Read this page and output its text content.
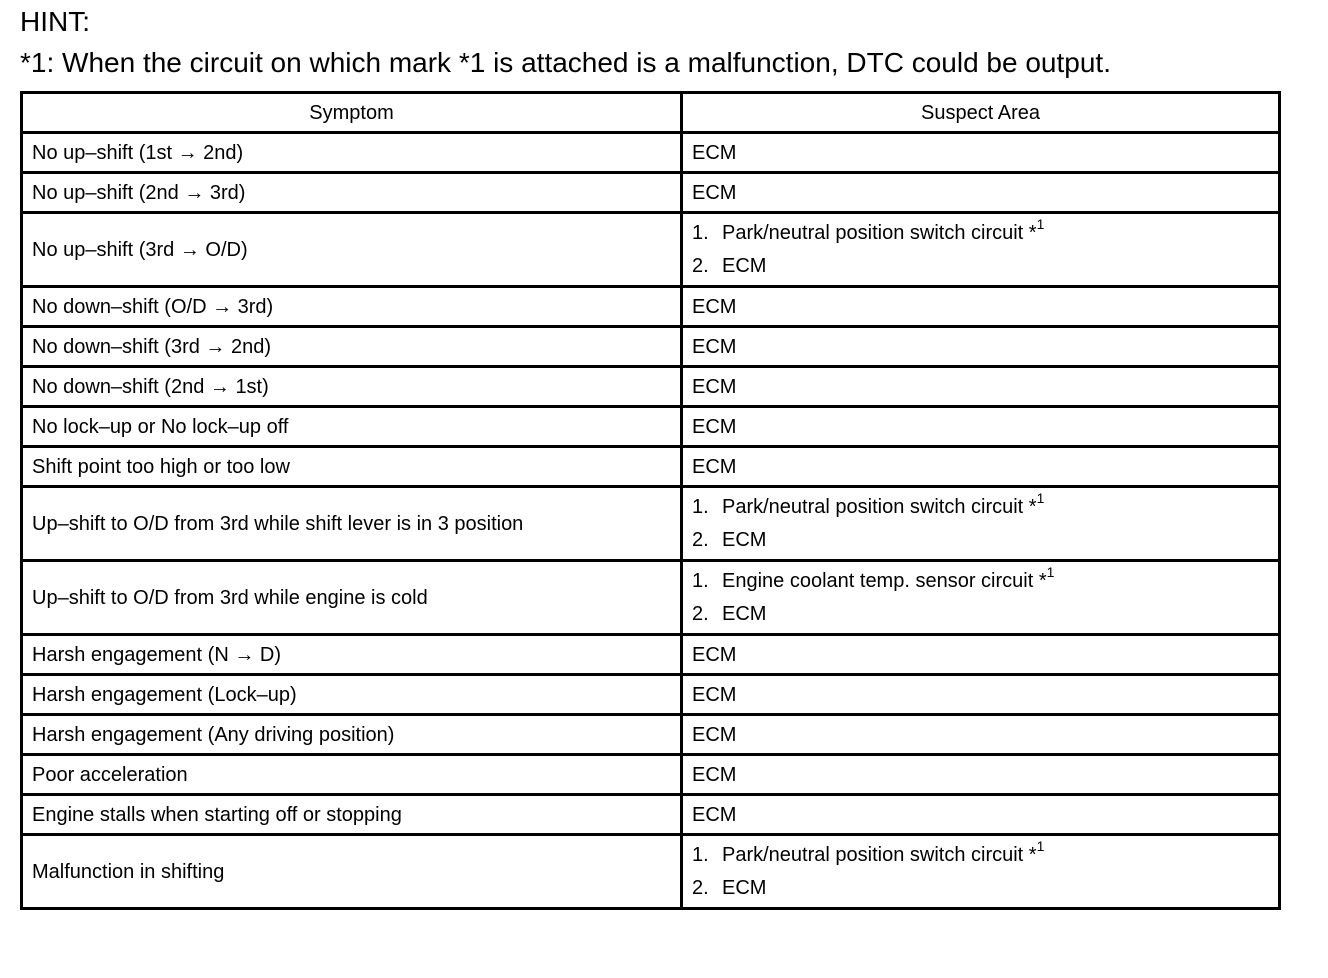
HINT:
*1: When the circuit on which mark *1 is attached is a malfunction, DTC could be output.
Symptom	Suspect Area
No up–shift (1st → 2nd)	ECM
No up–shift (2nd → 3rd)	ECM
No up–shift (3rd → O/D)	1. Park/neutral position switch circuit *$^1$
2. ECM

No down–shift (O/D → 3rd)	ECM
No down–shift (3rd → 2nd)	ECM
No down–shift (2nd → 1st)	ECM
No lock–up or No lock–up off	ECM
Shift point too high or too low	ECM
Up–shift to O/D from 3rd while shift lever is in 3 position	1. Park/neutral position switch circuit *$^1$
2. ECM

Up–shift to O/D from 3rd while engine is cold	1. Engine coolant temp. sensor circuit *$^1$
2. ECM

Harsh engagement (N → D)	ECM
Harsh engagement (Lock–up)	ECM
Harsh engagement (Any driving position)	ECM
Poor acceleration	ECM
Engine stalls when starting off or stopping	ECM
Malfunction in shifting	1. Park/neutral position switch circuit *$^1$
2. ECM
